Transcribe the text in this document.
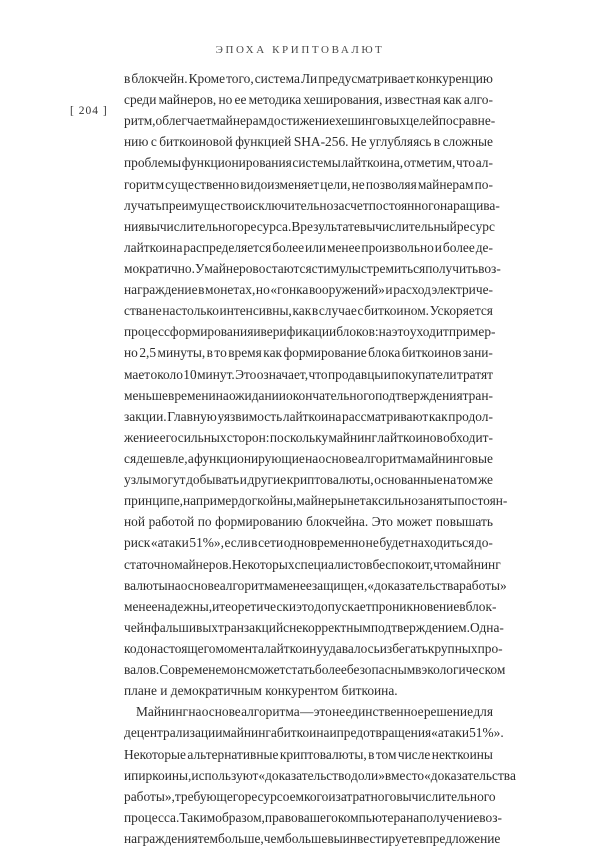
ЭПОХА КРИПТОВАЛЮТ
[ 204 ]
в блокчейн. Кроме того, система Ли предусматривает конкуренцию
среди майнеров, но ее методика хеширования, известная как алго-
ритм, облегчает майнерам достижение хешинговых целей по сравне-
нию с биткоиновой функцией SHA-256. Не углубляясь в сложные
проблемы функционирования системы лайткоина, отметим, что ал-
горитм существенно видоизменяет цели, не позволяя майнерам по-
лучать преимущество исключительно за счет постоянного наращива-
ния вычислительного ресурса. В результате вычислительный ресурс
лайткоина распределяется более или менее произвольно и более де-
мократично. У майнеров остаются стимулы стремиться получить воз-
награждение в монетах, но «гонка вооружений» и расход электриче-
ства не настолько интенсивны, как в случае с биткоином. Ускоряется
процесс формирования и верификации блоков: на это уходит пример-
но 2,5 минуты, в то время как формирование блока биткоинов зани-
мает около 10 минут. Это означает, что продавцы и покупатели тратят
меньше времени на ожидании окончательного подтверждения тран-
закции. Главную уязвимость лайткоина рассматривают как продол-
жение его сильных сторон: поскольку майнинг лайткоинов обходит-
ся дешевле, а функционирующие на основе алгоритма майнинговые
узлы могут добывать и другие криптовалюты, основанные на том же
принципе, например догкойны, майнеры не так сильно заняты постоян-
ной работой по формированию блокчейна. Это может повышать
риск «атаки 51%», если в сети одновременно не будет находиться до-
статочно майнеров. Некоторых специалистов беспокоит, что майнинг
валюты на основе алгоритма менее защищен, «доказательства работы»
менее надежны, и теоретически это допускает проникновение в блок-
чейн фальшивых транзакций с некорректным подтверждением. Одна-
ко до настоящего момента лайткоину удавалось избегать крупных про-
валов. Со временем он сможет стать более безопасным в экологическом
плане и демократичным конкурентом биткоина.
Майнинг на основе алгоритма — это не единственное решение для
децентрализации майнинга биткоина и предотвращения «атаки 51%».
Некоторые альтернативные криптовалюты, в том числе некткоины
и пиркоины, используют «доказательство доли» вместо «доказательства
работы», требующего ресурсоемкого и затратного вычислительного
процесса. Таким образом, право вашего компьютера на получение воз-
награждения тем больше, чем больше вы инвестируете в предложение
